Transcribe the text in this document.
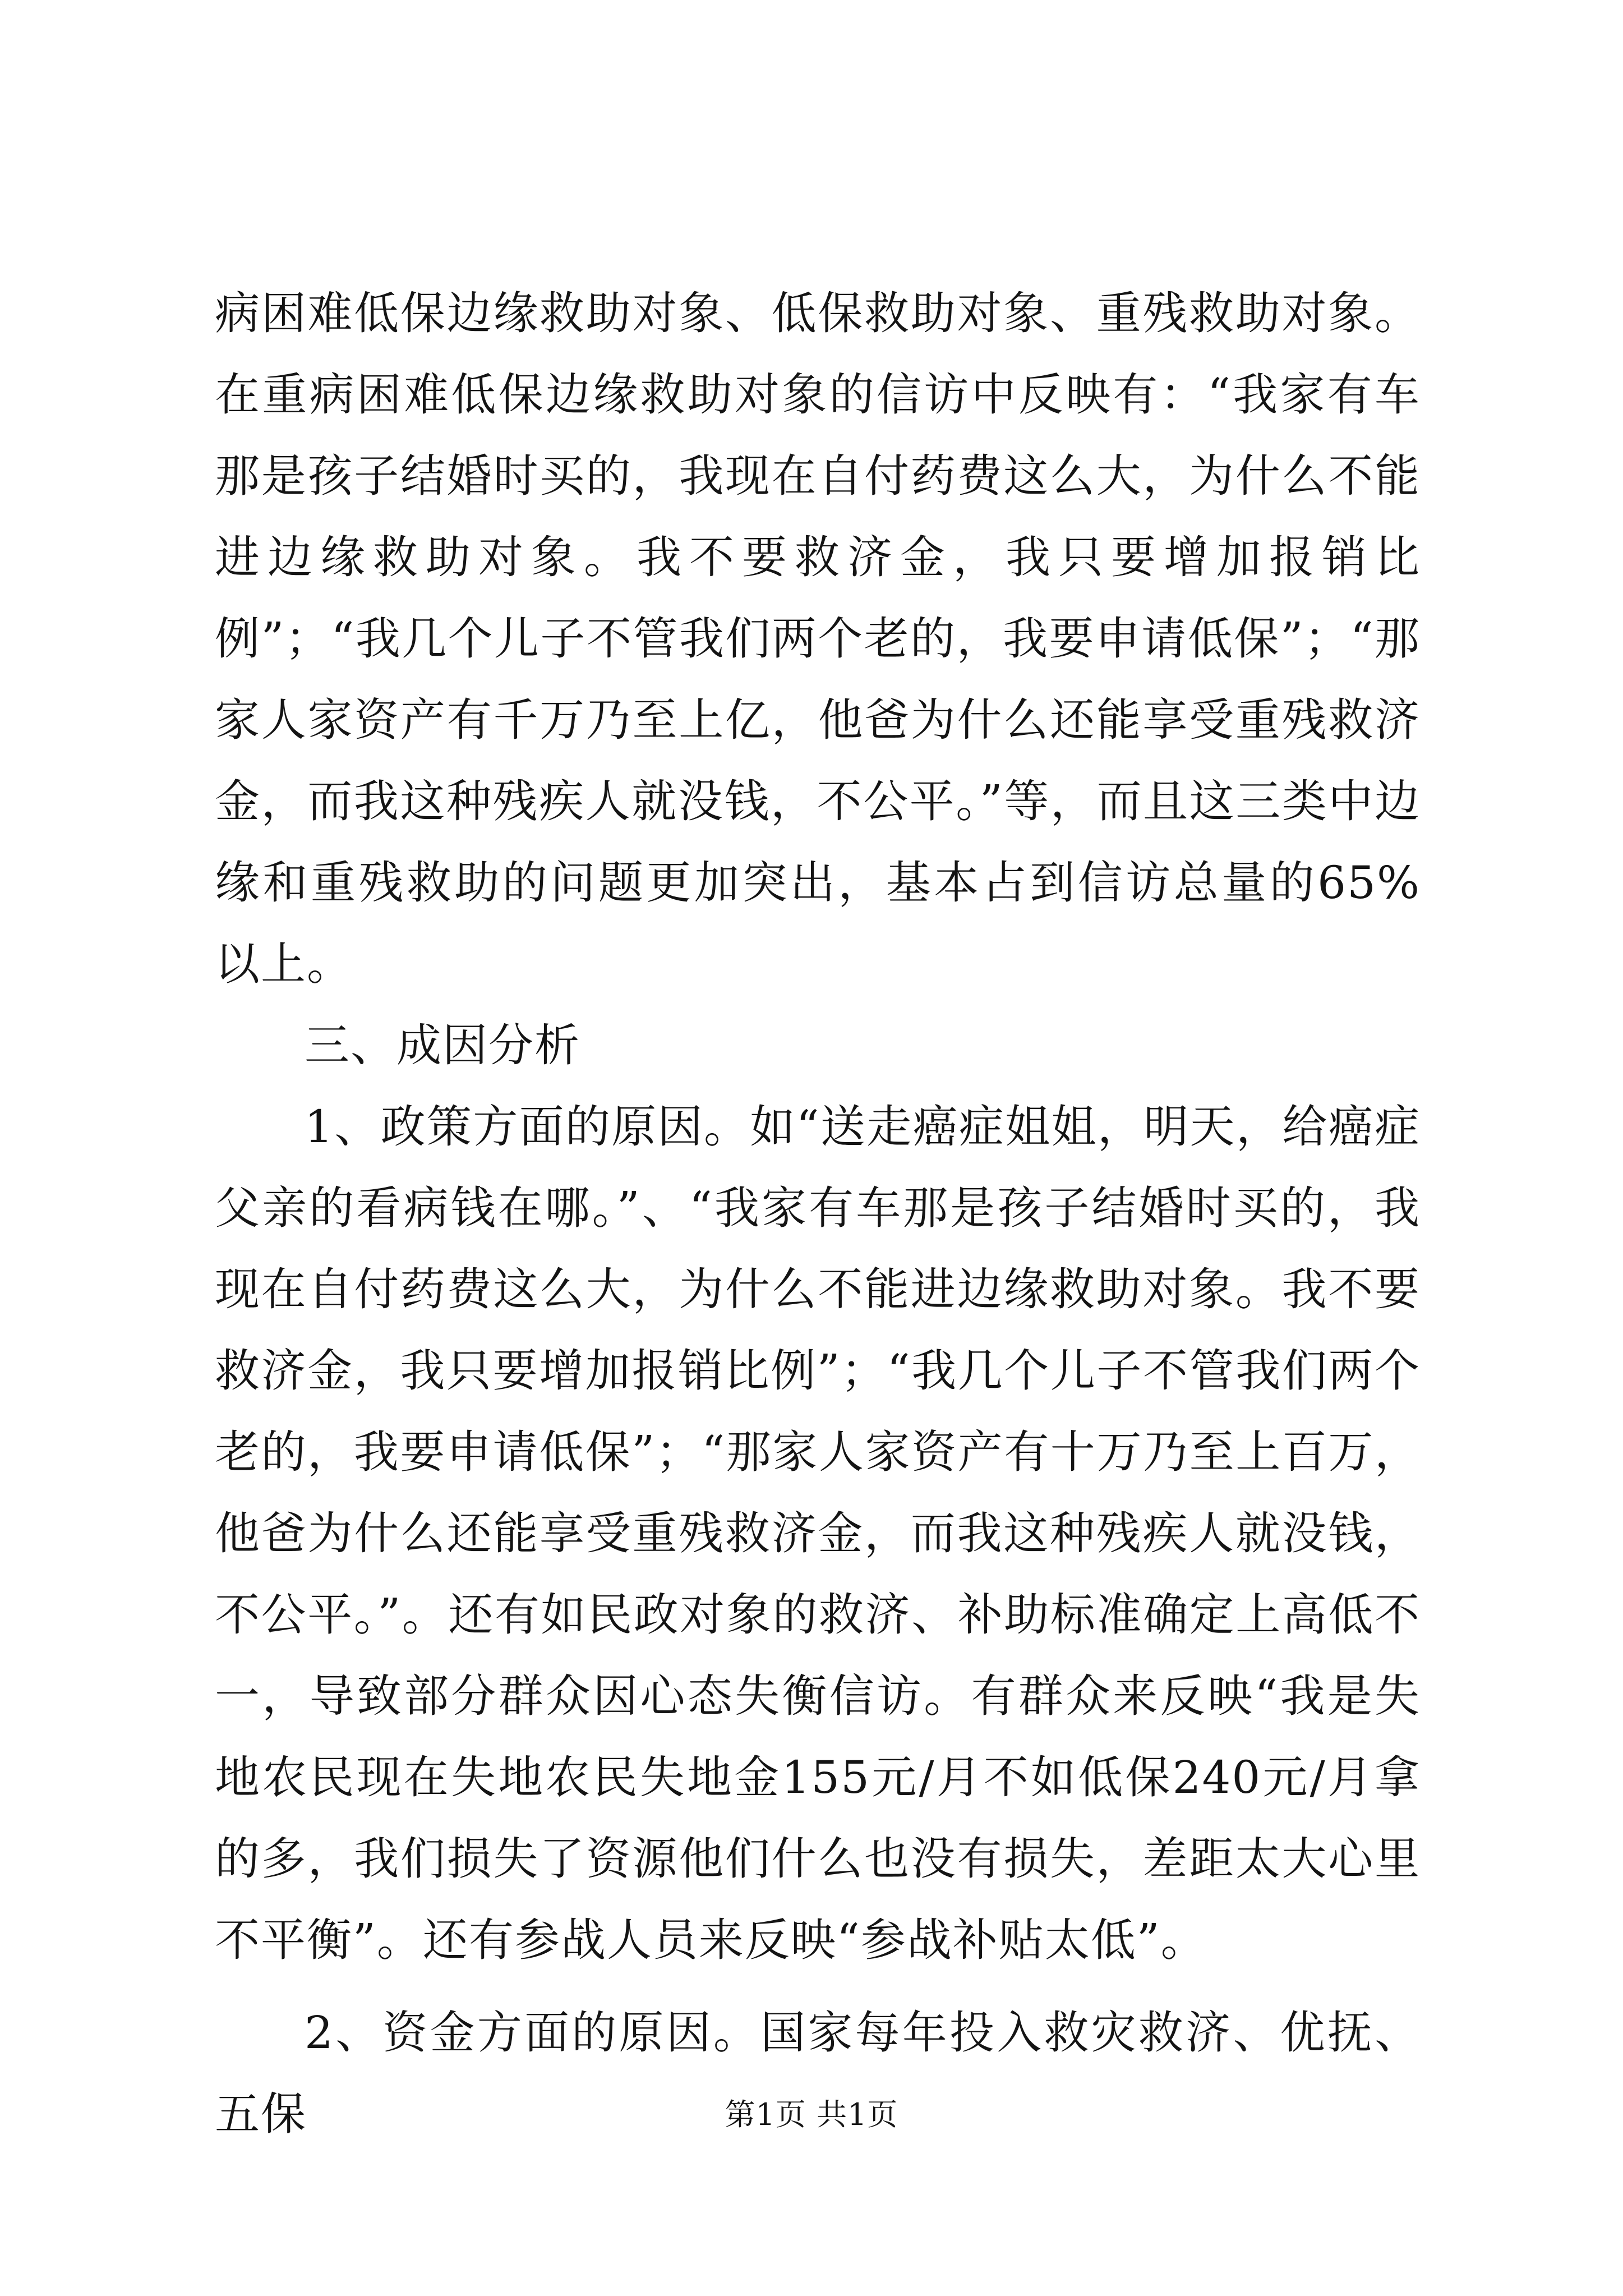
病困难低保边缘救助对象、低保救助对象、重残救助对象。在重病困难低保边缘救助对象的信访中反映有：“我家有车那是孩子结婚时买的，我现在自付药费这么大，为什么不能进边缘救助对象。我不要救济金，我只要增加报销比例”；“我几个儿子不管我们两个老的，我要申请低保”；“那家人家资产有千万乃至上亿，他爸为什么还能享受重残救济金，而我这种残疾人就没钱，不公平。”等，而且这三类中边缘和重残救助的问题更加突出，基本占到信访总量的65%以上。

三、成因分析

1、政策方面的原因。如“送走癌症姐姐，明天，给癌症父亲的看病钱在哪。”、“我家有车那是孩子结婚时买的，我现在自付药费这么大，为什么不能进边缘救助对象。我不要救济金，我只要增加报销比例”；“我几个儿子不管我们两个老的，我要申请低保”；“那家人家资产有十万乃至上百万，他爸为什么还能享受重残救济金，而我这种残疾人就没钱，不公平。”。还有如民政对象的救济、补助标准确定上高低不一，导致部分群众因心态失衡信访。有群众来反映“我是失地农民现在失地农民失地金155元/月不如低保240元/月拿的多，我们损失了资源他们什么也没有损失，差距太大心里不平衡”。还有参战人员来反映“参战补贴太低”。

2、资金方面的原因。国家每年投入救灾救济、优抚、五保	第1页 共1页
